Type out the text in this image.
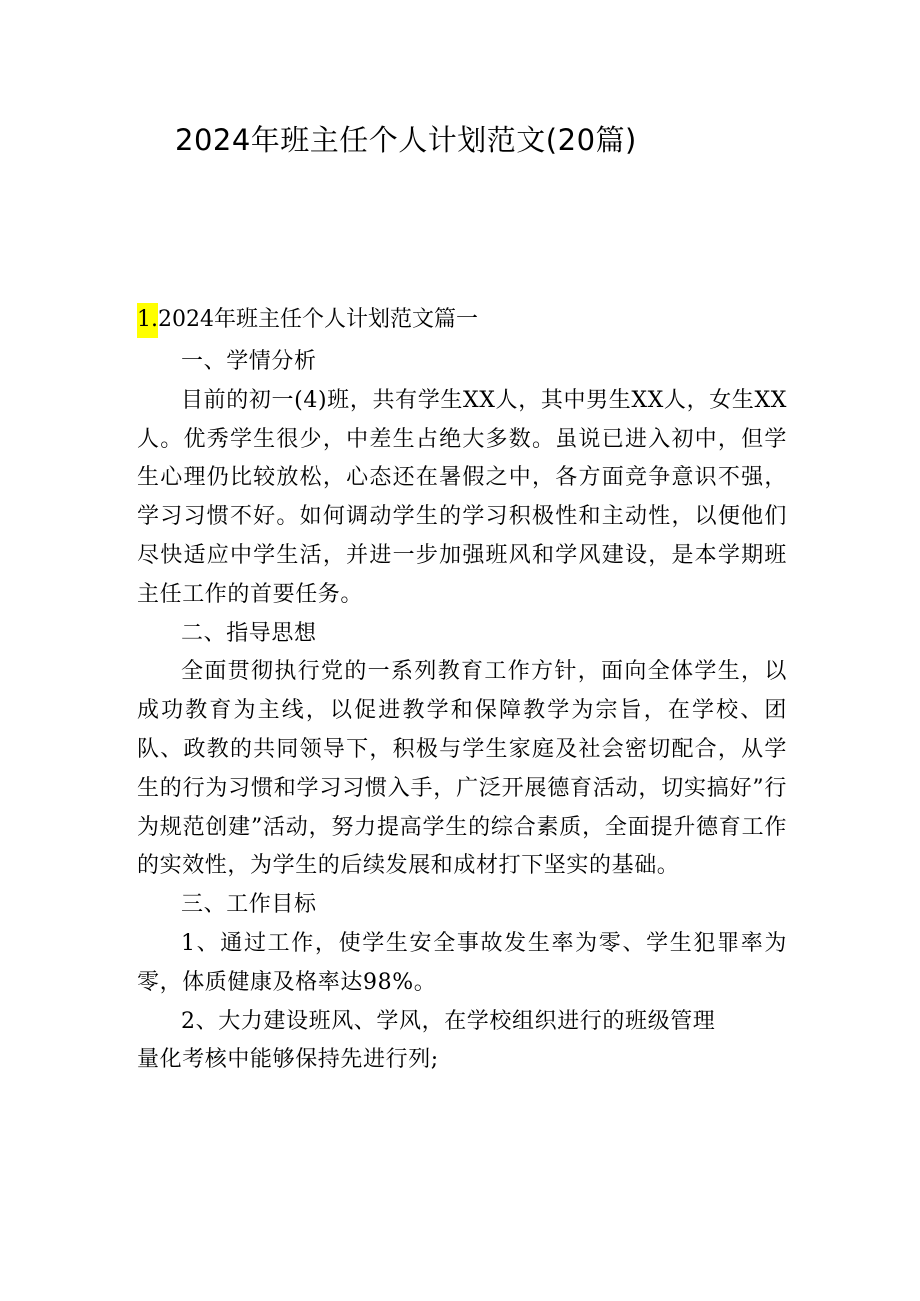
2024年班主任个人计划范文(20篇)
1.2024年班主任个人计划范文篇一

一、学情分析

目前的初一(4)班，共有学生XX人，其中男生XX人，女生XX人。优秀学生很少，中差生占绝大多数。虽说已进入初中，但学生心理仍比较放松，心态还在暑假之中，各方面竞争意识不强，学习习惯不好。如何调动学生的学习积极性和主动性，以便他们尽快适应中学生活，并进一步加强班风和学风建设，是本学期班主任工作的首要任务。

二、指导思想

全面贯彻执行党的一系列教育工作方针，面向全体学生，以成功教育为主线，以促进教学和保障教学为宗旨，在学校、团队、政教的共同领导下，积极与学生家庭及社会密切配合，从学生的行为习惯和学习习惯入手，广泛开展德育活动，切实搞好”行为规范创建”活动，努力提高学生的综合素质，全面提升德育工作的实效性，为学生的后续发展和成材打下坚实的基础。

三、工作目标

1、通过工作，使学生安全事故发生率为零、学生犯罪率为零，体质健康及格率达98%。

2、大力建设班风、学风，在学校组织进行的班级管理

量化考核中能够保持先进行列;
